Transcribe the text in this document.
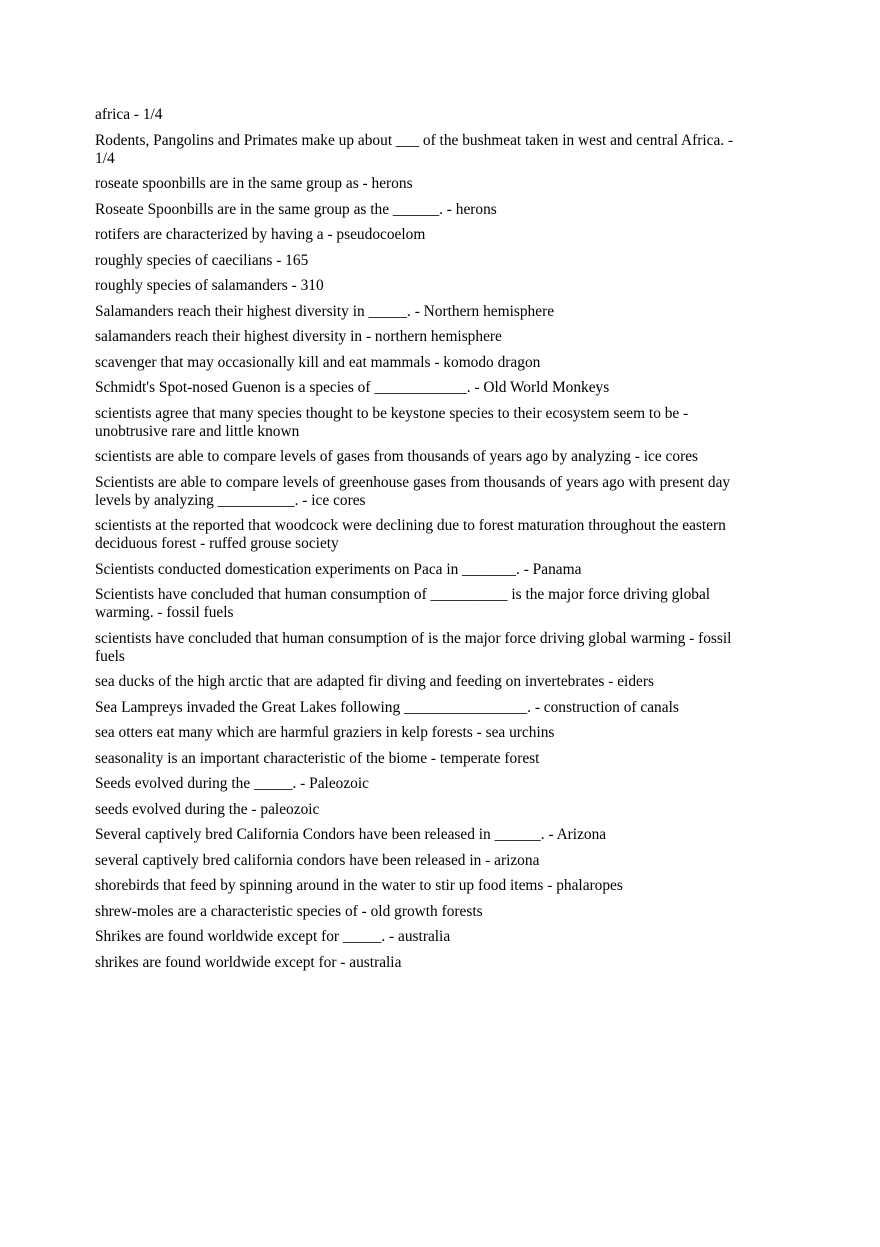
africa - 1/4

Rodents, Pangolins and Primates make up about ___ of the bushmeat taken in west and central Africa. - 1/4

roseate spoonbills are in the same group as - herons

Roseate Spoonbills are in the same group as the ______. - herons

rotifers are characterized by having a - pseudocoelom

roughly species of caecilians - 165

roughly species of salamanders - 310

Salamanders reach their highest diversity in _____. - Northern hemisphere

salamanders reach their highest diversity in - northern hemisphere

scavenger that may occasionally kill and eat mammals - komodo dragon

Schmidt's Spot-nosed Guenon is a species of ____________. - Old World Monkeys

scientists agree that many species thought to be keystone species to their ecosystem seem to be - unobtrusive rare and little known

scientists are able to compare levels of gases from thousands of years ago by analyzing - ice cores

Scientists are able to compare levels of greenhouse gases from thousands of years ago with present day levels by analyzing __________. - ice cores

scientists at the reported that woodcock were declining due to forest maturation throughout the eastern deciduous forest - ruffed grouse society

Scientists conducted domestication experiments on Paca in _______. - Panama

Scientists have concluded that human consumption of __________ is the major force driving global warming. - fossil fuels

scientists have concluded that human consumption of is the major force driving global warming - fossil fuels

sea ducks of the high arctic that are adapted fir diving and feeding on invertebrates - eiders

Sea Lampreys invaded the Great Lakes following ________________. - construction of canals

sea otters eat many which are harmful graziers in kelp forests - sea urchins

seasonality is an important characteristic of the biome - temperate forest

Seeds evolved during the _____. - Paleozoic

seeds evolved during the - paleozoic

Several captively bred California Condors have been released in ______. - Arizona

several captively bred california condors have been released in - arizona

shorebirds that feed by spinning around in the water to stir up food items - phalaropes

shrew-moles are a characteristic species of - old growth forests

Shrikes are found worldwide except for _____. - australia

shrikes are found worldwide except for - australia
